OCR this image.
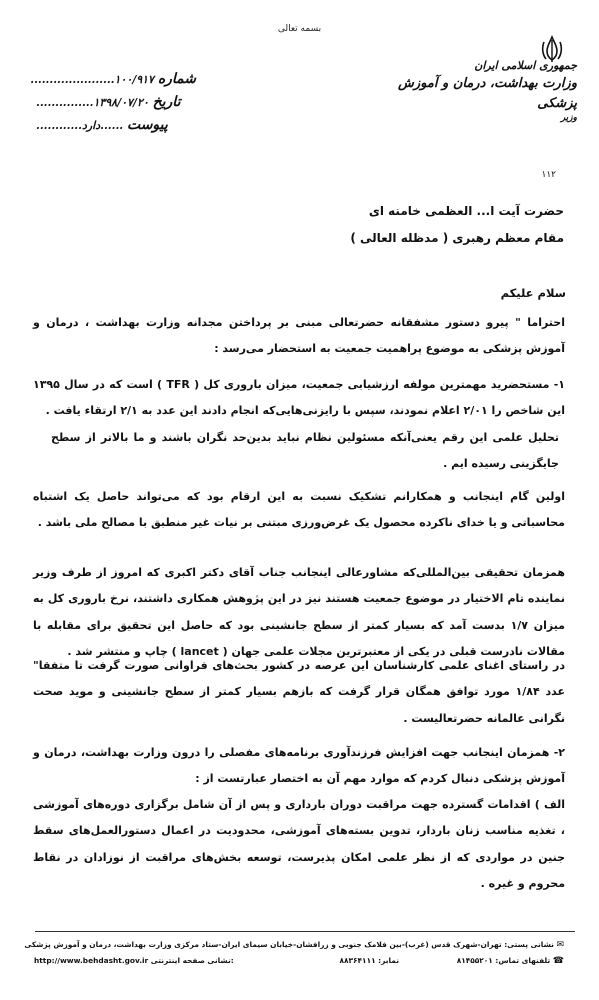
بسمه تعالی
جمهوری اسلامی ایران
وزارت بهداشت، درمان و آموزش پزشکی
وزیر
۱۱۲
شماره ۱۰۰/۹۱۷......................
تاریخ ۱۳۹۸/۰۷/۲۰...............
پیوست ......دارد............
حضرت آیت ا... العظمی خامنه ای
مقام معظم رهبری ( مدظله العالی )
سلام علیکم
احتراما " پیرو دستور مشفقانه حضرتعالی مبنی بر پرداختن مجدانه وزارت بهداشت ، درمان و آموزش پزشکی به موضوع پراهمیت جمعیت به استحضار می‌رسد :
۱- مستحضرید مهمترین مولفه ارزشیابی جمعیت، میزان باروری کل ( TFR ) است که در سال ۱۳۹۵ این شاخص را ۲/۰۱ اعلام نمودند، سپس با رایزنی‌هایی‌که انجام دادند این عدد به ۲/۱ ارتقاء یافت .
تحلیل علمی این رقم یعنی‌آنکه مسئولین نظام نباید بدین‌حد نگران باشند و ما بالاتر از سطح جایگزینی رسیده ایم .
اولین گام اینجانب و همکارانم تشکیک نسبت به این ارقام بود که می‌تواند حاصل یک اشتباه محاسباتی و یا خدای ناکرده محصول یک غرض‌ورزی مبتنی بر نیات غیر منطبق با مصالح ملی باشد .
همزمان تحقیقی بین‌المللی‌که مشاورعالی اینجانب جناب آقای دکتر اکبری که امروز از طرف وزیر نماینده تام الاختیار در موضوع جمعیت هستند نیز در این پژوهش همکاری داشتند، نرخ باروری کل به میزان ۱/۷ بدست آمد که بسیار کمتر از سطح جانشینی بود که حاصل این تحقیق برای مقابله با مقالات نادرست قبلی در یکی از معتبرترین مجلات علمی جهان ( lancet ) چاپ و منتشر شد .
در راستای اغنای علمی کارشناسان این عرصه در کشور بحث‌های فراوانی صورت گرفت تا متفقا" عدد ۱/۸۴ مورد توافق همگان قرار گرفت که بازهم بسیار کمتر از سطح جانشینی و موید صحت نگرانی عالمانه حضرتعالیست .
۲- همزمان اینجانب جهت افزایش فرزندآوری برنامه‌های مفصلی را درون وزارت بهداشت، درمان و آموزش پزشکی دنبال کردم که موارد مهم آن به اختصار عبارتست از :
الف ) اقدامات گسترده جهت مراقبت دوران بارداری و پس از آن شامل برگزاری دوره‌های آموزشی ، تغذیه مناسب زنان باردار، تدوین بسته‌های آموزشی، محدودیت در اعمال دستورالعمل‌های سقط جنین در مواردی که از نظر علمی امکان پذیرست، توسعه بخش‌های مراقبت از نوزادان در نقاط محروم و غیره .
✉ نشانی پستی: تهران-شهرک قدس (غرب)-بین فلامک جنوبی و زرافشان-خیابان سیمای ایران-ستاد مرکزی وزارت بهداشت، درمان و آموزش پزشکی
☎ تلفنهای تماس: ۸۱۴۵۵۲۰۱
نمابر: ۸۸۳۶۴۱۱۱
http://www.behdasht.gov.ir نشانی صفحه اینترنتی:
